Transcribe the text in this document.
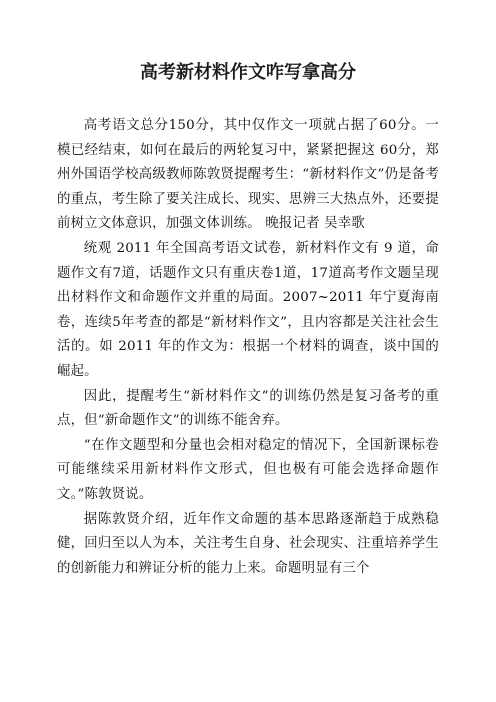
高考新材料作文咋写拿高分

高考语文总分150分，其中仅作文一项就占据了60分。一模已经结束，如何在最后的两轮复习中，紧紧把握这 60分，郑州外国语学校高级教师陈敦贤提醒考生：“新材料作文”仍是备考的重点，考生除了要关注成长、现实、思辨三大热点外，还要提前树立文体意识，加强文体训练。 晚报记者 吴幸歌

统观 2011 年全国高考语文试卷，新材料作文有 9 道，命题作文有7道，话题作文只有重庆卷1道，17道高考作文题呈现出材料作文和命题作文并重的局面。2007~2011 年宁夏海南卷，连续5年考查的都是“新材料作文”，且内容都是关注社会生活的。如 2011 年的作文为：根据一个材料的调查，谈中国的崛起。

因此，提醒考生“新材料作文”的训练仍然是复习备考的重点，但“新命题作文”的训练不能舍弃。

“在作文题型和分量也会相对稳定的情况下，全国新课标卷可能继续采用新材料作文形式，但也极有可能会选择命题作文。”陈敦贤说。

据陈敦贤介绍，近年作文命题的基本思路逐渐趋于成熟稳健，回归至以人为本，关注考生自身、社会现实、注重培养学生的创新能力和辨证分析的能力上来。命题明显有三个
